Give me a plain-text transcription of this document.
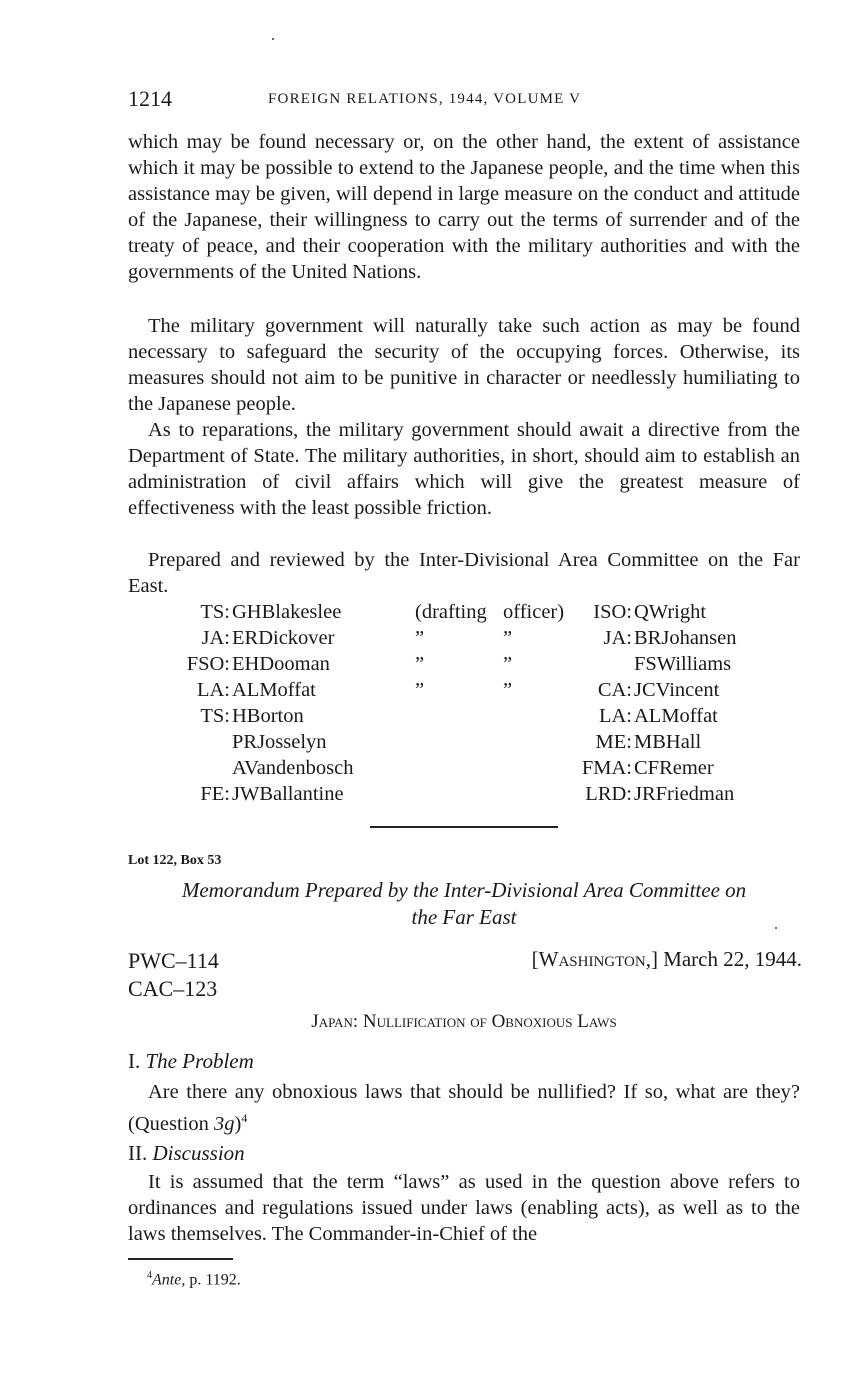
1214	FOREIGN RELATIONS, 1944, VOLUME V

which may be found necessary or, on the other hand, the extent of assistance which it may be possible to extend to the Japanese people, and the time when this assistance may be given, will depend in large measure on the conduct and attitude of the Japanese, their willingness to carry out the terms of surrender and of the treaty of peace, and their cooperation with the military authorities and with the governments of the United Nations.

The military government will naturally take such action as may be found necessary to safeguard the security of the occupying forces. Otherwise, its measures should not aim to be punitive in character or needlessly humiliating to the Japanese people.

As to reparations, the military government should await a directive from the Department of State. The military authorities, in short, should aim to establish an administration of civil affairs which will give the greatest measure of effectiveness with the least possible friction.

Prepared and reviewed by the Inter-Divisional Area Committee on the Far East.

TS: GHBlakeslee	(drafting officer) ISO: QWright
JA: ERDickover	”	”	JA: BRJohansen
FSO: EHDooman	”	”	FSWilliams
LA: ALMoffat	”	”	CA: JCVincent
TS: HBorton	LA: ALMoffat
PRJosselyn	ME: MBHall
AVandenbosch	FMA: CFRemer
FE: JWBallantine	LRD: JRFriedman
Lot 122, Box 53
Memorandum Prepared by the Inter-Divisional Area Committee on
the Far East
PWC–114
CAC–123
[Washington,] March 22, 1944.
Japan: Nullification of Obnoxious Laws
I. The Problem

Are there any obnoxious laws that should be nullified? If so, what are they? (Question 3g)$^4$

II. Discussion

It is assumed that the term “laws” as used in the question above refers to ordinances and regulations issued under laws (enabling acts), as well as to the laws themselves. The Commander-in-Chief of the

$^4$Ante, p. 1192.
